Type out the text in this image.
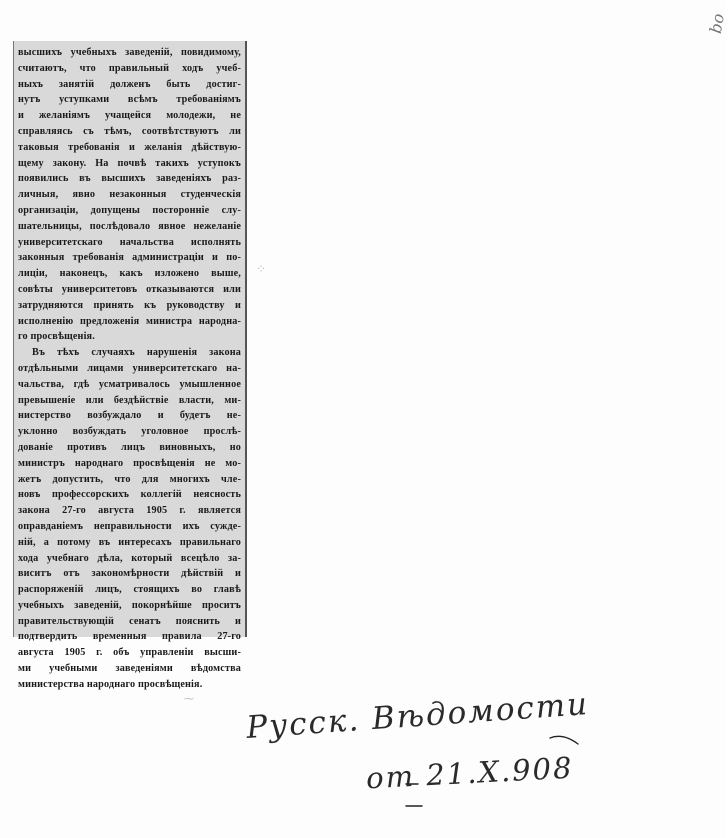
высшихъ учебныхъ заведеній, повидимому,
считаютъ, что правильный ходъ учеб-
ныхъ занятій долженъ быть достиг-
нутъ уступками всѣмъ требованіямъ
и желаніямъ учащейся молодежи, не
справляясь съ тѣмъ, соотвѣтствуютъ ли
таковыя требованія и желанія дѣйствую-
щему закону. На почвѣ такихъ уступокъ
появились въ высшихъ заведеніяхъ раз-
личныя, явно незаконныя студенческія
организаціи, допущены посторонніе слу-
шательницы, послѣдовало явное нежеланіе
университетскаго начальства исполнять
законныя требованія администраціи и по-
лиціи, наконецъ, какъ изложено выше,
совѣты университетовъ отказываются или
затрудняются принять къ руководству и
исполненію предложенія министра народна-
го просвѣщенія.
Въ тѣхъ случаяхъ нарушенія закона
отдѣльными лицами университетскаго на-
чальства, гдѣ усматривалось умышленное
превышеніе или бездѣйствіе власти, ми-
нистерство возбуждало и будетъ не-
уклонно возбуждать уголовное прослѣ-
дованіе противъ лицъ виновныхъ, но
министръ народнаго просвѣщенія не мо-
жетъ допустить, что для многихъ чле-
новъ профессорскихъ коллегій неясность
закона 27-го августа 1905 г. является
оправданіемъ неправильности ихъ сужде-
ній, а потому въ интересахъ правильнаго
хода учебнаго дѣла, который всецѣло за-
виситъ отъ закономѣрности дѣйствій и
распоряженій лицъ, стоящихъ во главѣ
учебныхъ заведеній, покорнѣйше проситъ
правительствующій сенатъ пояснить и
подтвердить временныя правила 27-го
августа 1905 г. объ управленіи высши-
ми учебными заведеніями вѣдомства
министерства народнаго просвѣщенія.
bo
⁘
⁓ Русск. Вѣдомости
от 21.X.908
